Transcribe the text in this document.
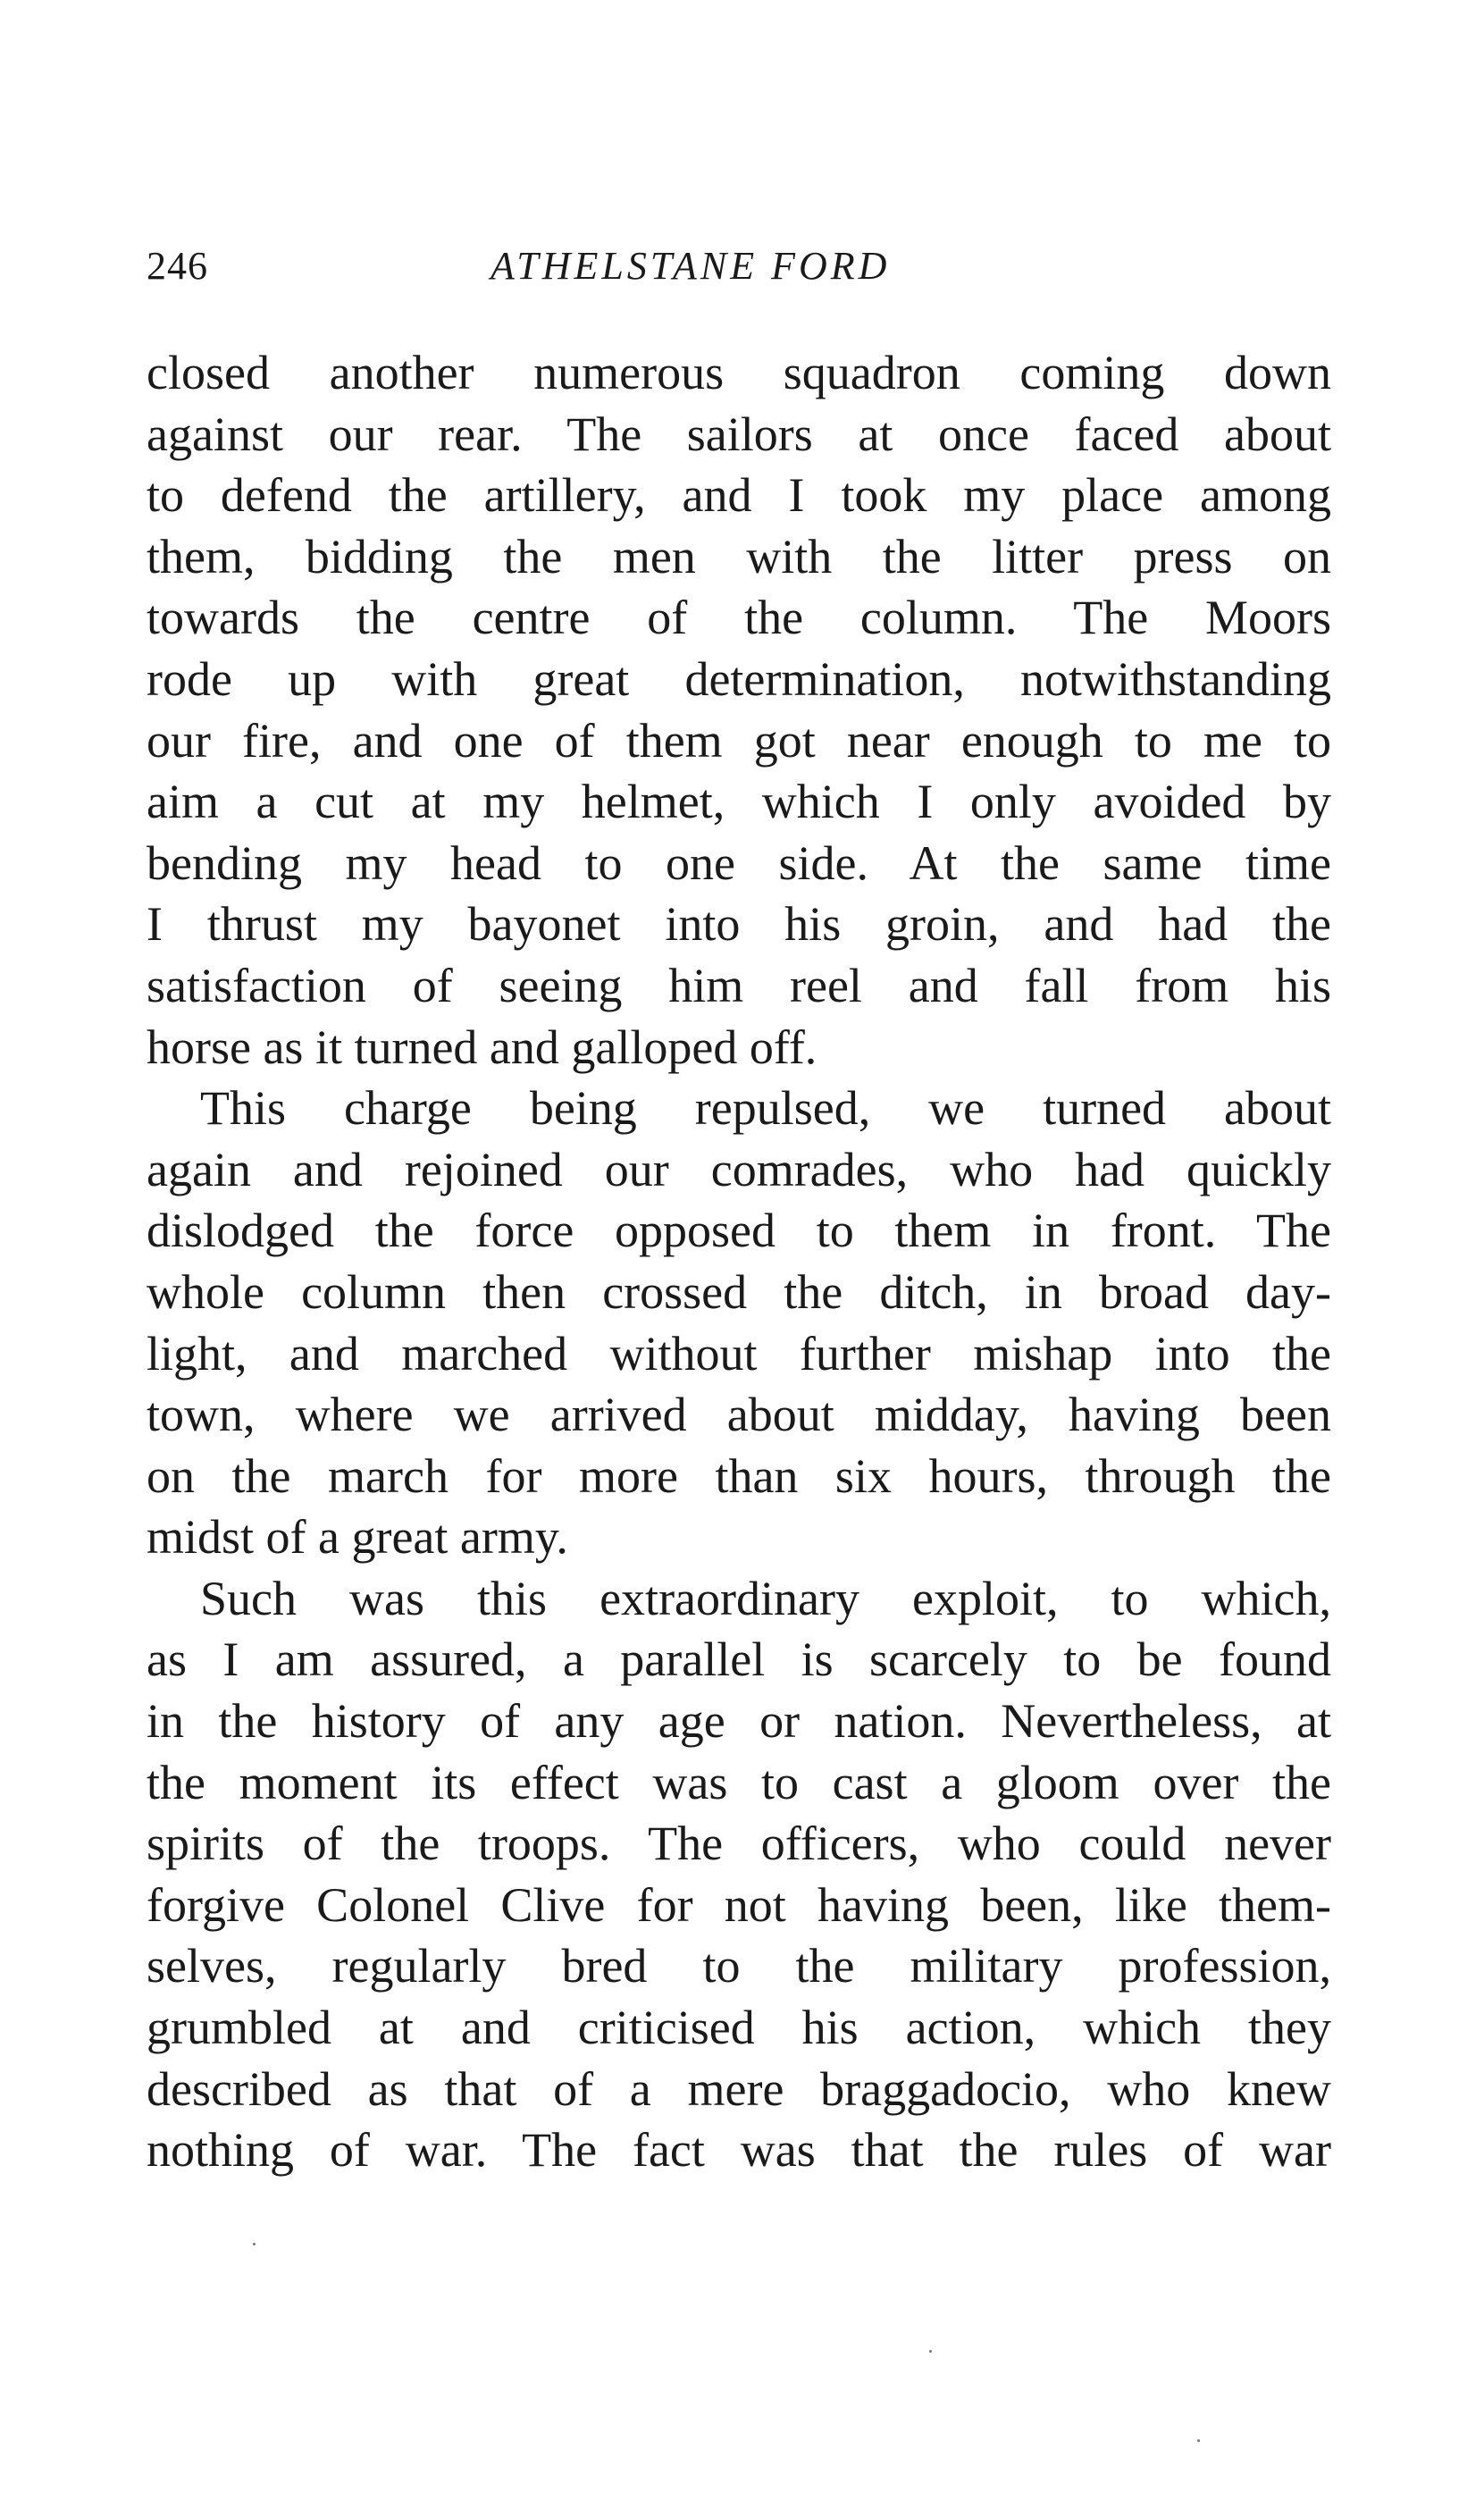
246	ATHELSTANE FORD
closed another numerous squadron coming down
against our rear. The sailors at once faced about
to defend the artillery, and I took my place among
them, bidding the men with the litter press on
towards the centre of the column. The Moors
rode up with great determination, notwithstanding
our fire, and one of them got near enough to me to
aim a cut at my helmet, which I only avoided by
bending my head to one side. At the same time
I thrust my bayonet into his groin, and had the
satisfaction of seeing him reel and fall from his
horse as it turned and galloped off.
This charge being repulsed, we turned about
again and rejoined our comrades, who had quickly
dislodged the force opposed to them in front. The
whole column then crossed the ditch, in broad day-
light, and marched without further mishap into the
town, where we arrived about midday, having been
on the march for more than six hours, through the
midst of a great army.
Such was this extraordinary exploit, to which,
as I am assured, a parallel is scarcely to be found
in the history of any age or nation. Nevertheless, at
the moment its effect was to cast a gloom over the
spirits of the troops. The officers, who could never
forgive Colonel Clive for not having been, like them-
selves, regularly bred to the military profession,
grumbled at and criticised his action, which they
described as that of a mere braggadocio, who knew
nothing of war. The fact was that the rules of war
